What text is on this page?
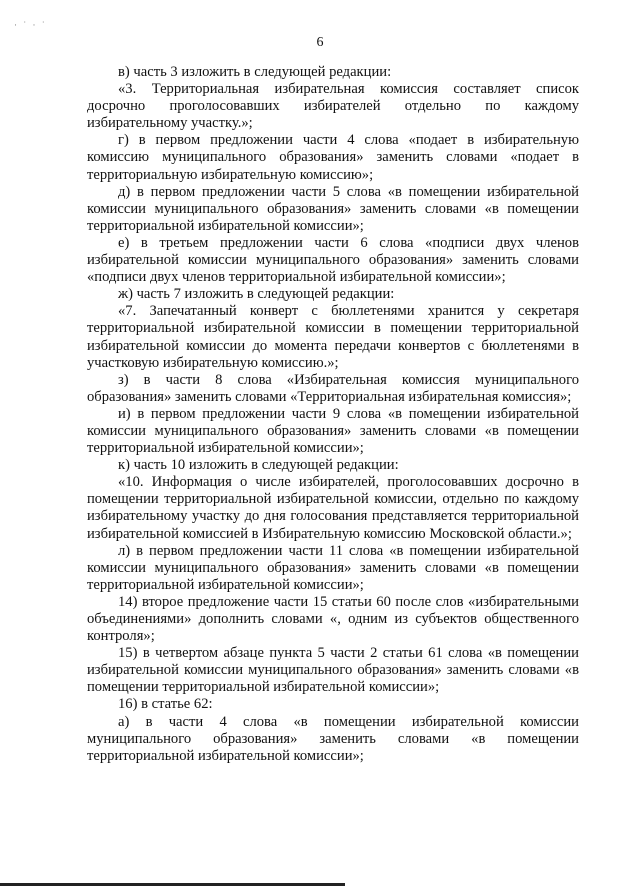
· ˙ · ˙
6

в) часть 3 изложить в следующей редакции:

«3. Территориальная избирательная комиссия составляет список досрочно проголосовавших избирателей отдельно по каждому избирательному участку.»;

г) в первом предложении части 4 слова «подает в избирательную комиссию муниципального образования» заменить словами «подает в территориальную избирательную комиссию»;

д) в первом предложении части 5 слова «в помещении избирательной комиссии муниципального образования» заменить словами «в помещении территориальной избирательной комиссии»;

е) в третьем предложении части 6 слова «подписи двух членов избирательной комиссии муниципального образования» заменить словами «подписи двух членов территориальной избирательной комиссии»;

ж) часть 7 изложить в следующей редакции:

«7. Запечатанный конверт с бюллетенями хранится у секретаря территориальной избирательной комиссии в помещении территориальной избирательной комиссии до момента передачи конвертов с бюллетенями в участковую избирательную комиссию.»;

з) в части 8 слова «Избирательная комиссия муниципального образования» заменить словами «Территориальная избирательная комиссия»;

и) в первом предложении части 9 слова «в помещении избирательной комиссии муниципального образования» заменить словами «в помещении территориальной избирательной комиссии»;

к) часть 10 изложить в следующей редакции:

«10. Информация о числе избирателей, проголосовавших досрочно в помещении территориальной избирательной комиссии, отдельно по каждому избирательному участку до дня голосования представляется территориальной избирательной комиссией в Избирательную комиссию Московской области.»;

л) в первом предложении части 11 слова «в помещении избирательной комиссии муниципального образования» заменить словами «в помещении территориальной избирательной комиссии»;

14) второе предложение части 15 статьи 60 после слов «избирательными объединениями» дополнить словами «, одним из субъектов общественного контроля»;

15) в четвертом абзаце пункта 5 части 2 статьи 61 слова «в помещении избирательной комиссии муниципального образования» заменить словами «в помещении территориальной избирательной комиссии»;

16) в статье 62:

а) в части 4 слова «в помещении избирательной комиссии муниципального образования» заменить словами «в помещении территориальной избирательной комиссии»;
